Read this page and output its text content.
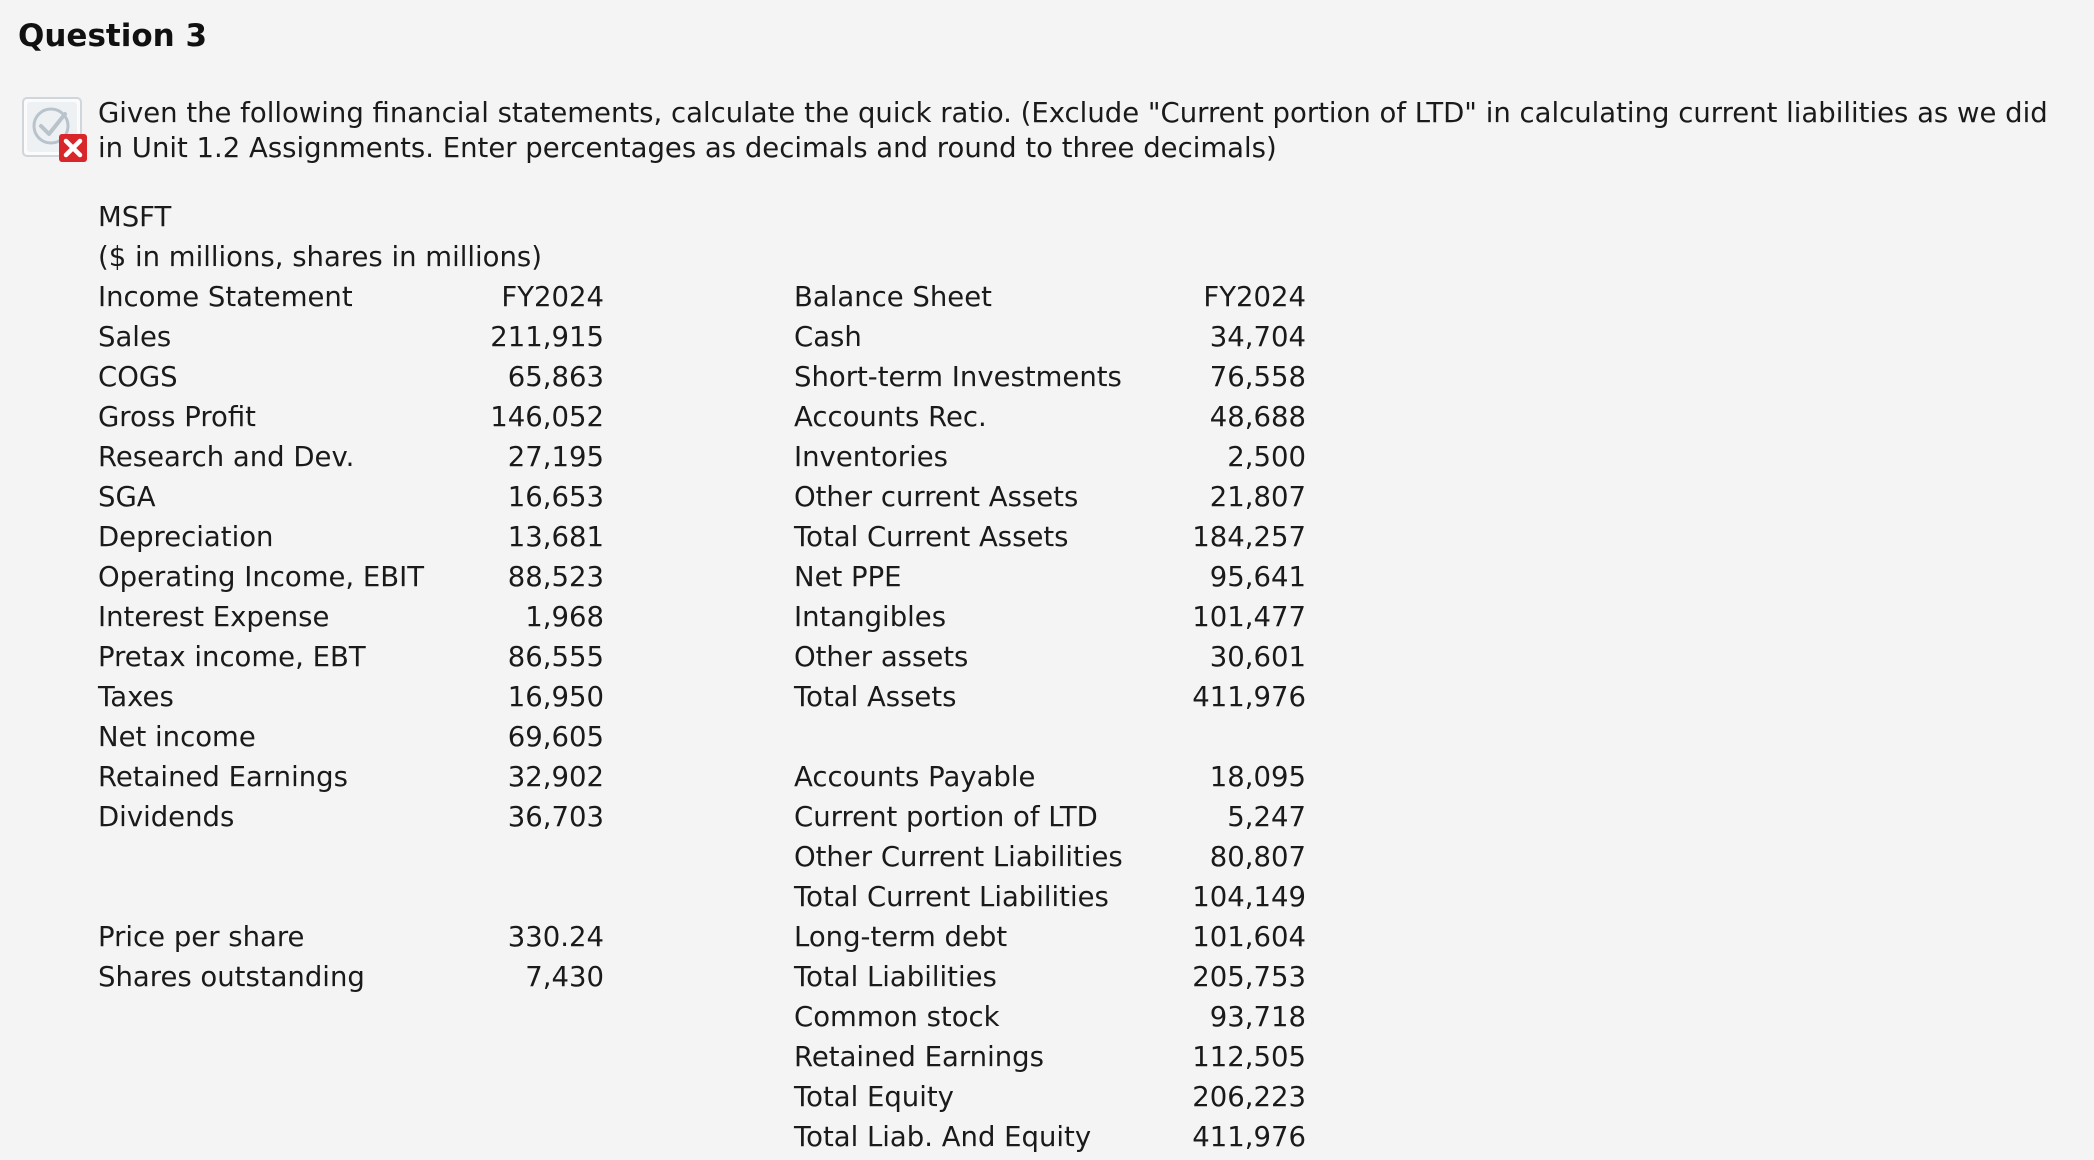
Question 3

Given the following financial statements, calculate the quick ratio. (Exclude "Current portion of LTD" in calculating current liabilities as we did in Unit 1.2 Assignments. Enter percentages as decimals and round to three decimals)

MSFT
($ in millions, shares in millions)
Income Statement	FY2024
Sales	211,915
COGS	65,863
Gross Profit	146,052
Research and Dev.	27,195
SGA	16,653
Depreciation	13,681
Operating Income, EBIT	88,523
Interest Expense	1,968
Pretax income, EBT	86,555
Taxes	16,950
Net income	69,605
Retained Earnings	32,902
Dividends	36,703
Price per share	330.24
Shares outstanding	7,430
Balance Sheet	FY2024
Cash	34,704
Short-term Investments	76,558
Accounts Rec.	48,688
Inventories	2,500
Other current Assets	21,807
Total Current Assets	184,257
Net PPE	95,641
Intangibles	101,477
Other assets	30,601
Total Assets	411,976
Accounts Payable	18,095
Current portion of LTD	5,247
Other Current Liabilities	80,807
Total Current Liabilities	104,149
Long-term debt	101,604
Total Liabilities	205,753
Common stock	93,718
Retained Earnings	112,505
Total Equity	206,223
Total Liab. And Equity	411,976
